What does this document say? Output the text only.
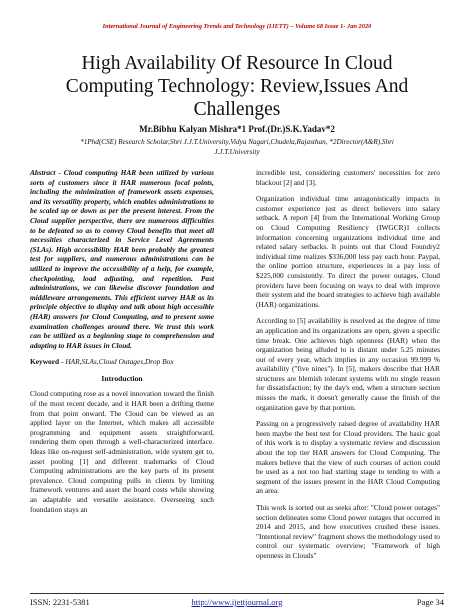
International Journal of Engineering Trends and Technology (IJETT) – Volume 68 Issue 1- Jan 2020
High Availability Of Resource In Cloud Computing Technology: Review,Issues And Challenges
Mr.Bibhu Kalyan Mishra*1 Prof.(Dr.)S.K.Yadav*2
*1Phd(CSE) Research Scholar,Shri J.J.T.University,Vidya Nagari,Chudela,Rajasthan, *2Director(A&R),Shri J.J.T.University

Abstract - Cloud computing HAR been utilized by various sorts of customers since it HAR numerous focal points, including the minimization of framework assets expenses, and its versatility property, which enables administrations to be scaled up or down as per the present interest. From the Cloud supplier perspective, there are numerous difficulties to be defeated so as to convey Cloud benefits that meet all necessities characterized in Service Level Agreements (SLAs). High accessibility HAR been probably the greatest test for suppliers, and numerous administrations can be utilized to improve the accessibility of a help, for example, checkpointing, load adjusting, and repetition. Past administrations, we can likewise discover foundation and middleware arrangements. This efficient survey HAR as its principle objective to display and talk about high accessible (HAR) answers for Cloud Computing, and to present some examination challenges around there. We trust this work can be utilized as a beginning stage to comprehension and adapting to HAR issues in Cloud.

Keyword - HAR,SLAs,Cloud Outages,Drop Box

Introduction

Cloud computing rose as a novel innovation toward the finish of the most recent decade, and it HAR been a drifting theme from that point onward. The Cloud can be viewed as an applied layer on the Internet, which makes all accessible programming and equipment assets straightforward, rendering them open through a well-characterized interface. Ideas like on-request self-administration, wide system get to, asset pooling [1] and different trademarks of Cloud Computing administrations are the key parts of its present prevalence. Cloud computing pulls in clients by limiting framework ventures and asset the board costs while showing an adaptable and versatile assistance. Overseeing such foundation stays an

incredible test, considering customers' necessities for zero blackout [2] and [3].

Organization individual time antagonistically impacts in customer experience just as direct believers into salary setback. A report [4] from the International Working Group on Cloud Computing Resiliency (IWGCR)1 collects information concerning organizations individual time and related salary setbacks. It points out that Cloud Foundry2 individual time realizes $336,000 less pay each hour. Paypal, the online portion structure, experiences in a pay loss of $225,000 consistently. To direct the power outages, Cloud providers have been focusing on ways to deal with improve their system and the board strategies to achieve high available (HAR) organizations.

According to [5] availability is resolved as the degree of time an application and its organizations are open, given a specific time break. One achieves high openness (HAR) when the organization being alluded to is distant under 5.25 minutes out of every year, which implies in any occasion 99.999 % availability ("five nines"). In [5], makers describe that HAR structures are blemish tolerant systems with no single reason for dissatisfaction; by the day's end, when a structure section misses the mark, it doesn't generally cause the finish of the organization gave by that portion.

Passing on a progressively raised degree of availability HAR been maybe the best test for Cloud providers. The basic goal of this work is to display a systematic review and discussion about the top tier HAR answers for Cloud Computing. The makers believe that the view of such courses of action could be used as a not too bad starting stage to tending to with a segment of the issues present in the HAR Cloud Computing an area.

This work is sorted out as seeks after: "Cloud power outages" section delineates some Cloud power outages that occurred in 2014 and 2015, and how executives crushed these issues. "Intentional review" fragment shows the methodology used to control our systematic overview; "Framework of high openness in Clouds"

ISSN: 2231-5381	http://www.ijettjournal.org	Page 34
